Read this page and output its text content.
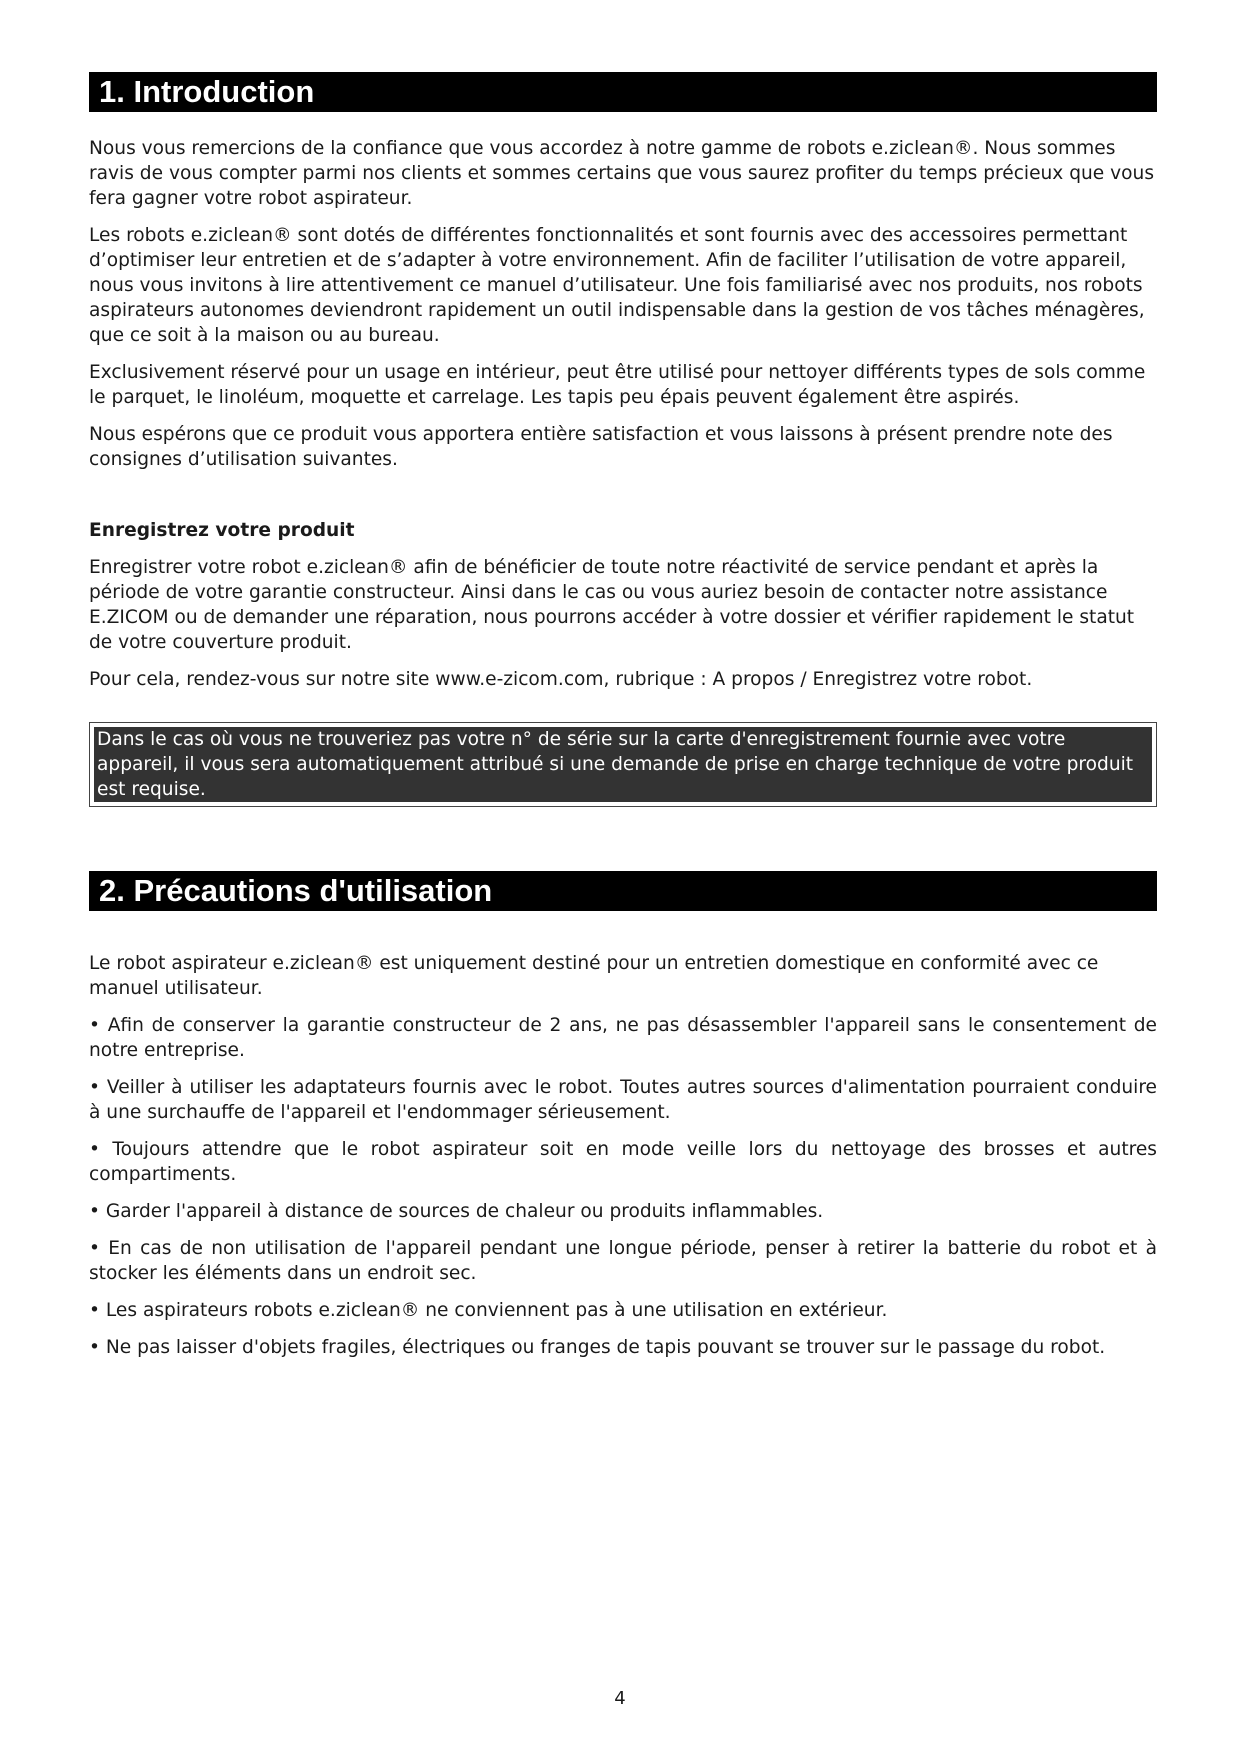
1. Introduction

Nous vous remercions de la confiance que vous accordez à notre gamme de robots e.ziclean®. Nous sommes ravis de vous compter parmi nos clients et sommes certains que vous saurez profiter du temps précieux que vous fera gagner votre robot aspirateur.

Les robots e.ziclean® sont dotés de différentes fonctionnalités et sont fournis avec des accessoires permettant d’optimiser leur entretien et de s’adapter à votre environnement. Afin de faciliter l’utilisation de votre appareil, nous vous invitons à lire attentivement ce manuel d’utilisateur. Une fois familiarisé avec nos produits, nos robots aspirateurs autonomes deviendront rapidement un outil indispensable dans la gestion de vos tâches ménagères, que ce soit à la maison ou au bureau.

Exclusivement réservé pour un usage en intérieur, peut être utilisé pour nettoyer différents types de sols comme le parquet, le linoléum, moquette et carrelage. Les tapis peu épais peuvent également être aspirés.

Nous espérons que ce produit vous apportera entière satisfaction et vous laissons à présent prendre note des consignes d’utilisation suivantes.

Enregistrez votre produit

Enregistrer votre robot e.ziclean® afin de bénéficier de toute notre réactivité de service pendant et après la période de votre garantie constructeur. Ainsi dans le cas ou vous auriez besoin de contacter notre assistance E.ZICOM ou de demander une réparation, nous pourrons accéder à votre dossier et vérifier rapidement le statut de votre couverture produit.

Pour cela, rendez-vous sur notre site www.e-zicom.com, rubrique : A propos / Enregistrez votre robot.

Dans le cas où vous ne trouveriez pas votre n° de série sur la carte d'enregistrement fournie avec votre appareil, il vous sera automatiquement attribué si une demande de prise en charge technique de votre produit est requise.
2. Précautions d'utilisation

Le robot aspirateur e.ziclean® est uniquement destiné pour un entretien domestique en conformité avec ce manuel utilisateur.

• Afin de conserver la garantie constructeur de 2 ans, ne pas désassembler l'appareil sans le consentement de notre entreprise.

• Veiller à utiliser les adaptateurs fournis avec le robot. Toutes autres sources d'alimentation pourraient conduire à une surchauffe de l'appareil et l'endommager sérieusement.

• Toujours attendre que le robot aspirateur soit en mode veille lors du nettoyage des brosses et autres compartiments.

• Garder l'appareil à distance de sources de chaleur ou produits inflammables.

• En cas de non utilisation de l'appareil pendant une longue période, penser à retirer la batterie du robot et à stocker les éléments dans un endroit sec.

• Les aspirateurs robots e.ziclean® ne conviennent pas à une utilisation en extérieur.

• Ne pas laisser d'objets fragiles, électriques ou franges de tapis pouvant se trouver sur le passage du robot.

4
